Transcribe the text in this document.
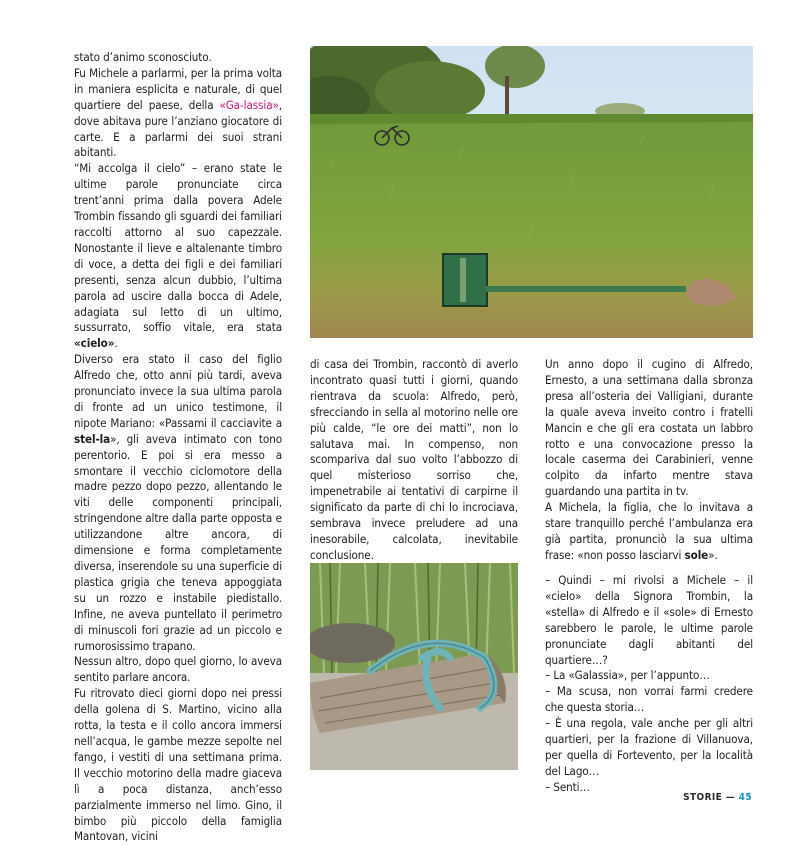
stato d’animo sconosciuto.

Fu Michele a parlarmi, per la prima volta in maniera esplicita e naturale, di quel quartiere del paese, della «Ga-lassia», dove abitava pure l’anziano giocatore di carte. E a parlarmi dei suoi strani abitanti.

“Mi accolga il cielo” – erano state le ultime parole pronunciate circa trent’anni prima dalla povera Adele Trombin fissando gli sguardi dei familiari raccolti attorno al suo capezzale. Nonostante il lieve e altalenante timbro di voce, a detta dei figli e dei familiari presenti, senza alcun dubbio, l’ultima parola ad uscire dalla bocca di Adele, adagiata sul letto di un ultimo, sussurrato, soffio vitale, era stata «cielo».

Diverso era stato il caso del figlio Alfredo che, otto anni più tardi, aveva pronunciato invece la sua ultima parola di fronte ad un unico testimone, il nipote Mariano: «Passami il cacciavite a stel-la», gli aveva intimato con tono perentorio. E poi si era messo a smontare il vecchio ciclomotore della madre pezzo dopo pezzo, allentando le viti delle componenti principali, stringendone altre dalla parte opposta e utilizzandone altre ancora, di dimensione e forma completamente diversa, inserendole su una superficie di plastica grigia che teneva appoggiata su un rozzo e instabile piedistallo. Infine, ne aveva puntellato il perimetro di minuscoli fori grazie ad un piccolo e rumorosissimo trapano.

Nessun altro, dopo quel giorno, lo aveva sentito parlare ancora.

Fu ritrovato dieci giorni dopo nei pressi della golena di S. Martino, vicino alla rotta, la testa e il collo ancora immersi nell’acqua, le gambe mezze sepolte nel fango, i vestiti di una settimana prima. Il vecchio motorino della madre giaceva lì a poca distanza, anch’esso parzialmente immerso nel limo. Gino, il bimbo più piccolo della famiglia Mantovan, vicini

di casa dei Trombin, raccontò di averlo incontrato quasi tutti i giorni, quando rientrava da scuola: Alfredo, però, sfrecciando in sella al motorino nelle ore più calde, “le ore dei matti”, non lo salutava mai. In compenso, non scompariva dal suo volto l’abbozzo di quel misterioso sorriso che, impenetrabile ai tentativi di carpirne il significato da parte di chi lo incrociava, sembrava invece preludere ad una inesorabile, calcolata, inevitabile conclusione.

Un anno dopo il cugino di Alfredo, Ernesto, a una settimana dalla sbronza presa all’osteria dei Valligiani, durante la quale aveva inveito contro i fratelli Mancin e che gli era costata un labbro rotto e una convocazione presso la locale caserma dei Carabinieri, venne colpito da infarto mentre stava guardando una partita in tv.

A Michela, la figlia, che lo invitava a stare tranquillo perché l’ambulanza era già partita, pronunciò la sua ultima frase: «non posso lasciarvi sole».

– Quindi – mi rivolsi a Michele – il «cielo» della Signora Trombin, la «stella» di Alfredo e il «sole» di Ernesto sarebbero le parole, le ultime parole pronunciate dagli abitanti del quartiere…?

– La «Galassia», per l’appunto…

– Ma scusa, non vorrai farmi credere che questa storia…

– È una regola, vale anche per gli altri quartieri, per la frazione di Villanuova, per quella di Fortevento, per la località del Lago…

– Senti…

STORIE — 45
